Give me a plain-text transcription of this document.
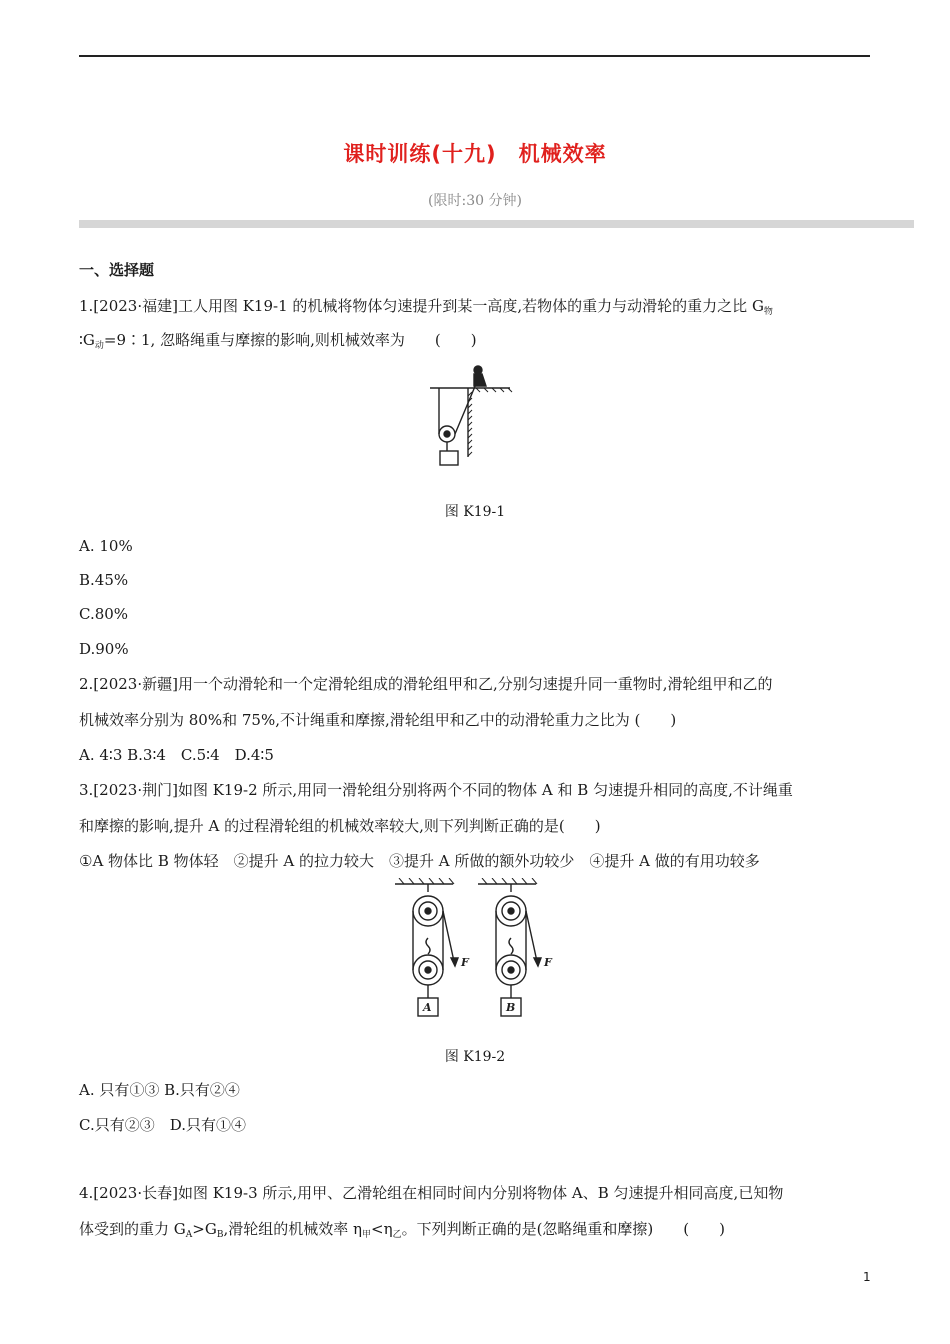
课时训练(十九)　机械效率
(限时:30 分钟)
一、选择题
1.[2023·福建]工人用图 K19-1 的机械将物体匀速提升到某一高度,若物体的重力与动滑轮的重力之比 $G_物$
$∶G_动=9∶1$, 忽略绳重与摩擦的影响,则机械效率为　　(　　)
图 K19-1
A. 10%
B.45%
C.80%
D.90%
2.[2023·新疆]用一个动滑轮和一个定滑轮组成的滑轮组甲和乙,分别匀速提升同一重物时,滑轮组甲和乙的
机械效率分别为 80%和 75%,不计绳重和摩擦,滑轮组甲和乙中的动滑轮重力之比为 (　　)
A. 4∶3 B.3∶4　C.5∶4　D.4∶5
3.[2023·荆门]如图 K19-2 所示,用同一滑轮组分别将两个不同的物体 A 和 B 匀速提升相同的高度,不计绳重
和摩擦的影响,提升 A 的过程滑轮组的机械效率较大,则下列判断正确的是(　　)
①A 物体比 B 物体轻　②提升 A 的拉力较大　③提升 A 所做的额外功较少　④提升 A 做的有用功较多
F
A
F
B
图 K19-2
A. 只有①③ B.只有②④
C.只有②③　D.只有①④
4.[2023·长春]如图 K19-3 所示,用甲、乙滑轮组在相同时间内分别将物体 A、B 匀速提升相同高度,已知物
体受到的重力 $G_A>G_B$,滑轮组的机械效率 $\eta_甲<\eta_乙$。下列判断正确的是(忽略绳重和摩擦)　　(　　)
1
